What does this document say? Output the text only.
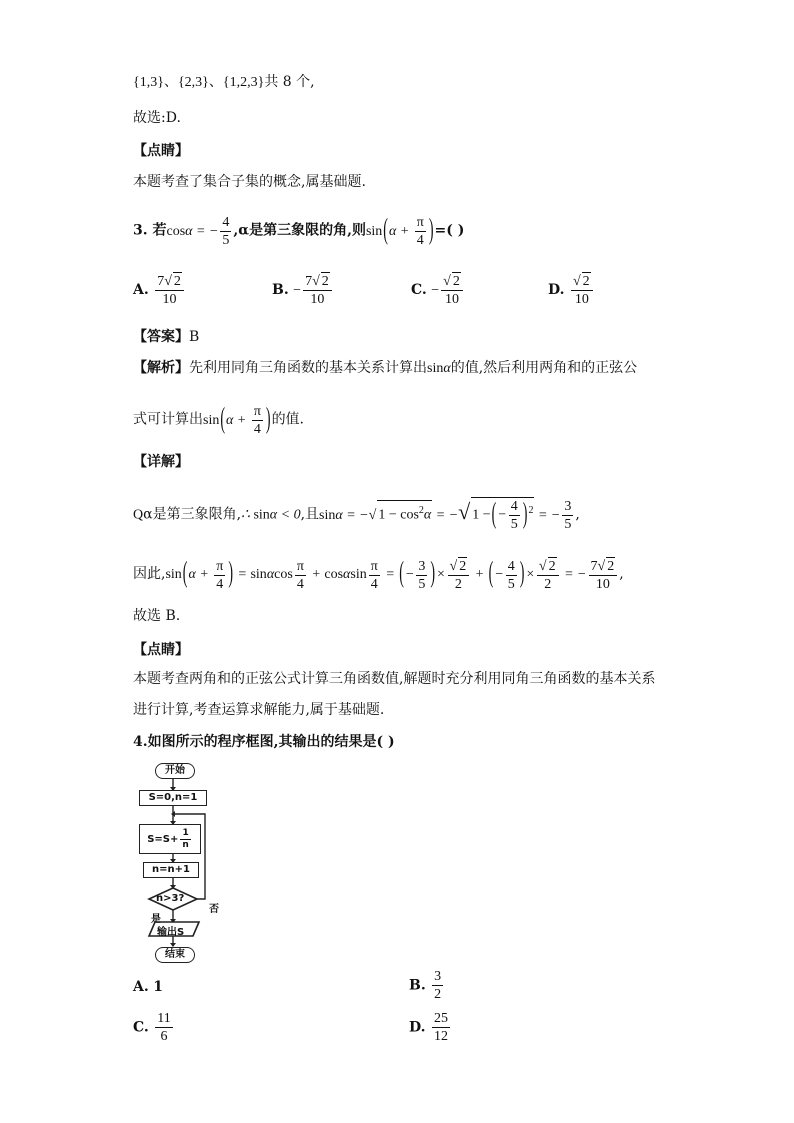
{1,3}、{2,3}、{1,2,3}共 8 个,
故选:D.
【点睛】
本题考查了集合子集的概念,属基础题.
3. 若cosα = − $\frac{4}{5} ,\alpha$是第三象限的角,则$\sin(\alpha + \frac{\pi}{4}$ )=( )
A. $\frac{7√ 2}{10}$	B. − $\frac{7√ 2}{10}$	C. − $\frac{√ 2}{10}$	D. $\frac{√ 2}{10}$
【答案】B
【解析】先利用同角三角函数的基本关系计算出sinα的值,然后利用两角和的正弦公
式可计算出$\sin(\alpha + \frac{\pi}{4}$ )的值.
【详解】
Qα是第三象限角,∴ sinα < 0,且sinα = −√ $1 - \cos^2\alpha$ = −√ 1 −(− $\frac{4}{5} )^2$ = − $\frac{3}{5}$ ,
因此$,\sin(\alpha + \frac{\pi}{4}$ ) = sinαcos $\frac{\pi}{4} + \cos\alpha\sin \frac{\pi}{4}$ = (− $\frac{3}{5}$ )× $\frac{√ 2}{2}$ + (− $\frac{4}{5}$ )× $\frac{√ 2}{2}$ = − $\frac{7√ 2}{10}$ ,
故选 B.
【点睛】
本题考查两角和的正弦公式计算三角函数值,解题时充分利用同角三角函数的基本关系
进行计算,考查运算求解能力,属于基础题.
4.如图所示的程序框图,其输出的结果是( )
开始
S=0,n=1
$S=S+ \frac{1}{n}$
n=n+1
n>3?
否
是
输出S
结束
A. 1	B. $\frac{3}{2}$
C. $\frac{11}{6}$	D. $\frac{25}{12}$
